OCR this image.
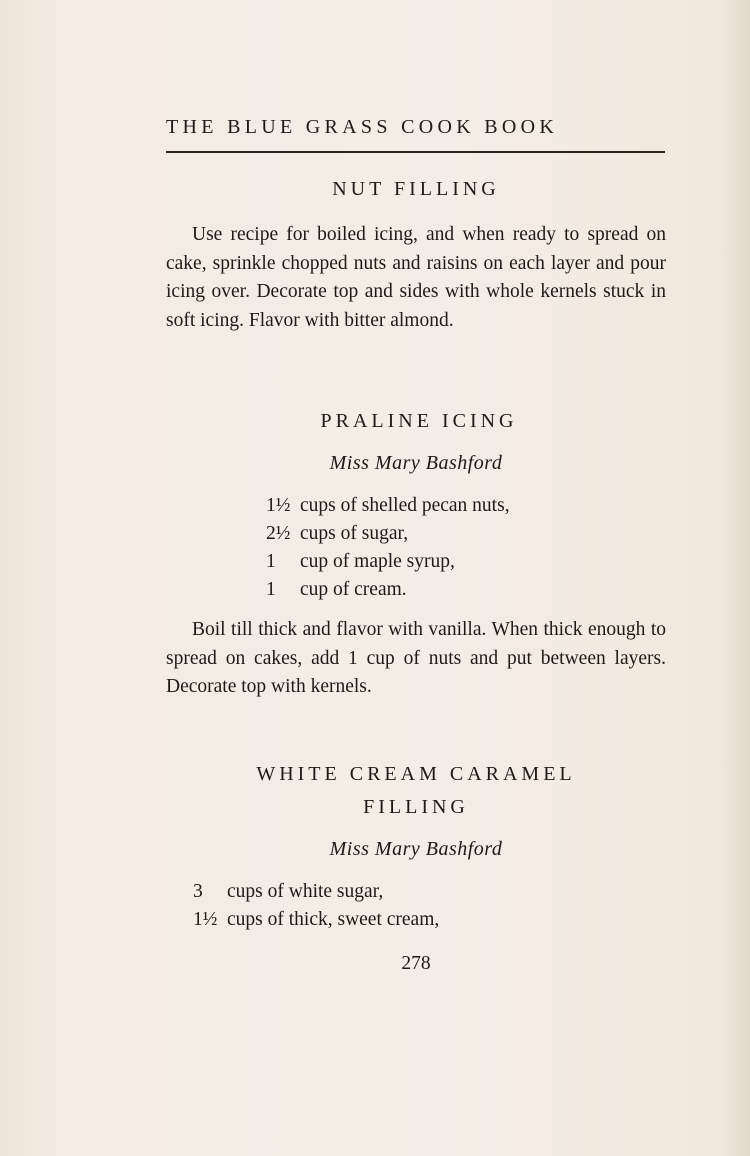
THE BLUE GRASS COOK BOOK
NUT FILLING

Use recipe for boiled icing, and when ready to spread on cake, sprinkle chopped nuts and raisins on each layer and pour icing over. Decorate top and sides with whole kernels stuck in soft icing. Flavor with bitter almond.

PRALINE ICING
Miss Mary Bashford
1½ cups of shelled pecan nuts,
2½ cups of sugar,
1 cup of maple syrup,
1 cup of cream.

Boil till thick and flavor with vanilla. When thick enough to spread on cakes, add 1 cup of nuts and put between layers. Decorate top with kernels.

WHITE CREAM CARAMEL
FILLING
Miss Mary Bashford
3 cups of white sugar,
1½ cups of thick, sweet cream,
278
